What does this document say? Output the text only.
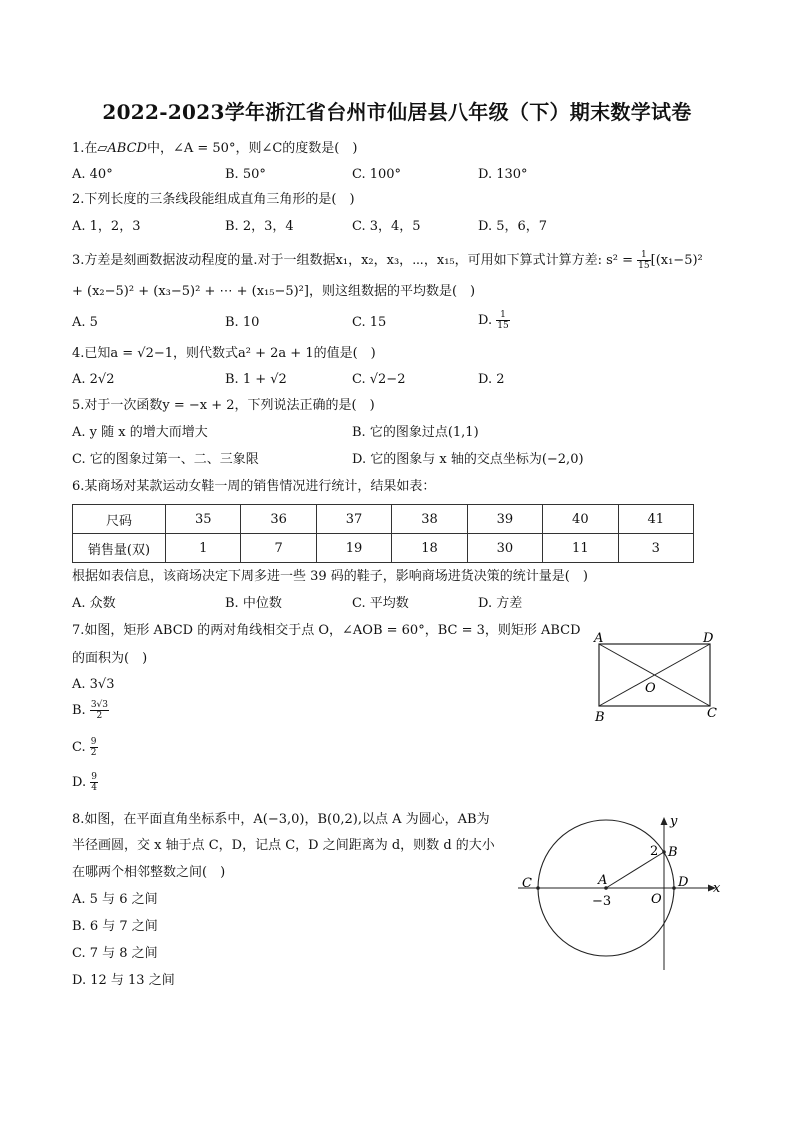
2022-2023学年浙江省台州市仙居县八年级（下）期末数学试卷
1.在▱ABCD中，∠A = 50°，则∠C的度数是(　)
A. 40°	B. 50°	C. 100°	D. 130°
2.下列长度的三条线段能组成直角三角形的是(　)
A. 1，2，3	B. 2，3，4	C. 3，4，5	D. 5，6，7
3.方差是刻画数据波动程度的量.对于一组数据x₁，x₂，x₃，⋯，x₁₅，可用如下算式计算方差: $s^2 = \frac{1}{15} [(x_1-5)^2$
+ (x₂−5)² + (x₃−5)² + ⋯ + (x₁₅−5)²]，则这组数据的平均数是(　)
A. 5	B. 10	C. 15	D. $\frac{1}{15}$
4.已知a = √2−1，则代数式a² + 2a + 1的值是(　)
A. 2√2	B. 1 + √2	C. √2−2	D. 2
5.对于一次函数y = −x + 2，下列说法正确的是(　)
A. y 随 x 的增大而增大	B. 它的图象过点(1,1)
C. 它的图象过第一、二、三象限	D. 它的图象与 x 轴的交点坐标为(−2,0)
6.某商场对某款运动女鞋一周的销售情况进行统计，结果如表：
尺码	35	36	37	38	39	40	41
销售量(双)	1	7	19	18	30	11	3
根据如表信息，该商场决定下周多进一些 39 码的鞋子，影响商场进货决策的统计量是(　)
A. 众数	B. 中位数	C. 平均数	D. 方差
7.如图，矩形 ABCD 的两对角线相交于点 O，∠AOB = 60°，BC = 3，则矩形 ABCD
的面积为(　)
A. 3√3
B. $\frac{3√3}{2}$
C. $\frac{9}{2}$
D. $\frac{9}{4}$
A	D
B	C
O
8.如图，在平面直角坐标系中，A(−3,0)，B(0,2),以点 A 为圆心，AB为
半径画圆，交 x 轴于点 C，D，记点 C，D 之间距离为 d，则数 d 的大小
在哪两个相邻整数之间(　)
A. 5 与 6 之间
B. 6 与 7 之间
C. 7 与 8 之间
D. 12 与 13 之间
y
x
2 B
C	A	D
O
−3
